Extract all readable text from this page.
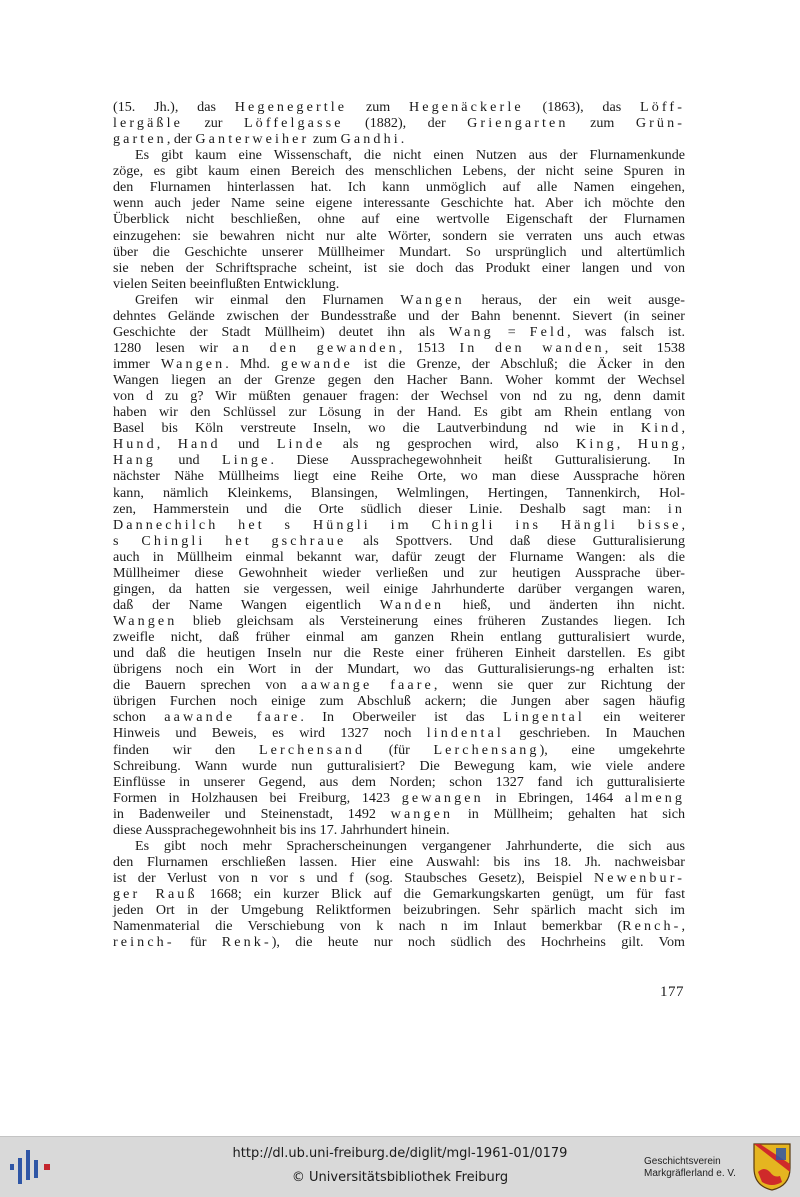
(15. Jh.), das Hegenegertle zum Hegenäckerle (1863), das Löff-

lergäßle zur Löffelgasse (1882), der Griengarten zum Grün-

garten, der Ganterweiher zum Gandhi.

Es gibt kaum eine Wissenschaft, die nicht einen Nutzen aus der Flurnamenkunde

zöge, es gibt kaum einen Bereich des menschlichen Lebens, der nicht seine Spuren in

den Flurnamen hinterlassen hat. Ich kann unmöglich auf alle Namen eingehen,

wenn auch jeder Name seine eigene interessante Geschichte hat. Aber ich möchte den

Überblick nicht beschließen, ohne auf eine wertvolle Eigenschaft der Flurnamen

einzugehen: sie bewahren nicht nur alte Wörter, sondern sie verraten uns auch etwas

über die Geschichte unserer Müllheimer Mundart. So ursprünglich und altertümlich

sie neben der Schriftsprache scheint, ist sie doch das Produkt einer langen und von

vielen Seiten beeinflußten Entwicklung.

Greifen wir einmal den Flurnamen Wangen heraus, der ein weit ausge-

dehntes Gelände zwischen der Bundesstraße und der Bahn benennt. Sievert (in seiner

Geschichte der Stadt Müllheim) deutet ihn als Wang = Feld, was falsch ist.

1280 lesen wir an den gewanden, 1513 In den wanden, seit 1538

immer Wangen. Mhd. gewande ist die Grenze, der Abschluß; die Äcker in den

Wangen liegen an der Grenze gegen den Hacher Bann. Woher kommt der Wechsel

von d zu g? Wir müßten genauer fragen: der Wechsel von nd zu ng, denn damit

haben wir den Schlüssel zur Lösung in der Hand. Es gibt am Rhein entlang von

Basel bis Köln verstreute Inseln, wo die Lautverbindung nd wie in Kind,

Hund, Hand und Linde als ng gesprochen wird, also King, Hung,

Hang und Linge. Diese Aussprachegewohnheit heißt Gutturalisierung. In

nächster Nähe Müllheims liegt eine Reihe Orte, wo man diese Aussprache hören

kann, nämlich Kleinkems, Blansingen, Welmlingen, Hertingen, Tannenkirch, Hol-

zen, Hammerstein und die Orte südlich dieser Linie. Deshalb sagt man: in

Dannechilch het s Hüngli im Chingli ins Hängli bisse,

s Chingli het gschraue als Spottvers. Und daß diese Gutturalisierung

auch in Müllheim einmal bekannt war, dafür zeugt der Flurname Wangen: als die

Müllheimer diese Gewohnheit wieder verließen und zur heutigen Aussprache über-

gingen, da hatten sie vergessen, weil einige Jahrhunderte darüber vergangen waren,

daß der Name Wangen eigentlich Wanden hieß, und änderten ihn nicht.

Wangen blieb gleichsam als Versteinerung eines früheren Zustandes liegen. Ich

zweifle nicht, daß früher einmal am ganzen Rhein entlang gutturalisiert wurde,

und daß die heutigen Inseln nur die Reste einer früheren Einheit darstellen. Es gibt

übrigens noch ein Wort in der Mundart, wo das Gutturalisierungs-ng erhalten ist:

die Bauern sprechen von aawange faare, wenn sie quer zur Richtung der

übrigen Furchen noch einige zum Abschluß ackern; die Jungen aber sagen häufig

schon aawande faare. In Oberweiler ist das Lingental ein weiterer

Hinweis und Beweis, es wird 1327 noch lindental geschrieben. In Mauchen

finden wir den Lerchensand (für Lerchensang), eine umgekehrte

Schreibung. Wann wurde nun gutturalisiert? Die Bewegung kam, wie viele andere

Einflüsse in unserer Gegend, aus dem Norden; schon 1327 fand ich gutturalisierte

Formen in Holzhausen bei Freiburg, 1423 gewangen in Ebringen, 1464 almeng

in Badenweiler und Steinenstadt, 1492 wangen in Müllheim; gehalten hat sich

diese Aussprachegewohnheit bis ins 17. Jahrhundert hinein.

Es gibt noch mehr Spracherscheinungen vergangener Jahrhunderte, die sich aus

den Flurnamen erschließen lassen. Hier eine Auswahl: bis ins 18. Jh. nachweisbar

ist der Verlust von n vor s und f (sog. Staubsches Gesetz), Beispiel Newenbur-

ger Rauß 1668; ein kurzer Blick auf die Gemarkungskarten genügt, um für fast

jeden Ort in der Umgebung Reliktformen beizubringen. Sehr spärlich macht sich im

Namenmaterial die Verschiebung von k nach n im Inlaut bemerkbar (Rench-,

reinch- für Renk-), die heute nur noch südlich des Hochrheins gilt. Vom

177
http://dl.ub.uni-freiburg.de/diglit/mgl-1961-01/0179
© Universitätsbibliothek Freiburg
Geschichtsverein
Markgräflerland e. V.
